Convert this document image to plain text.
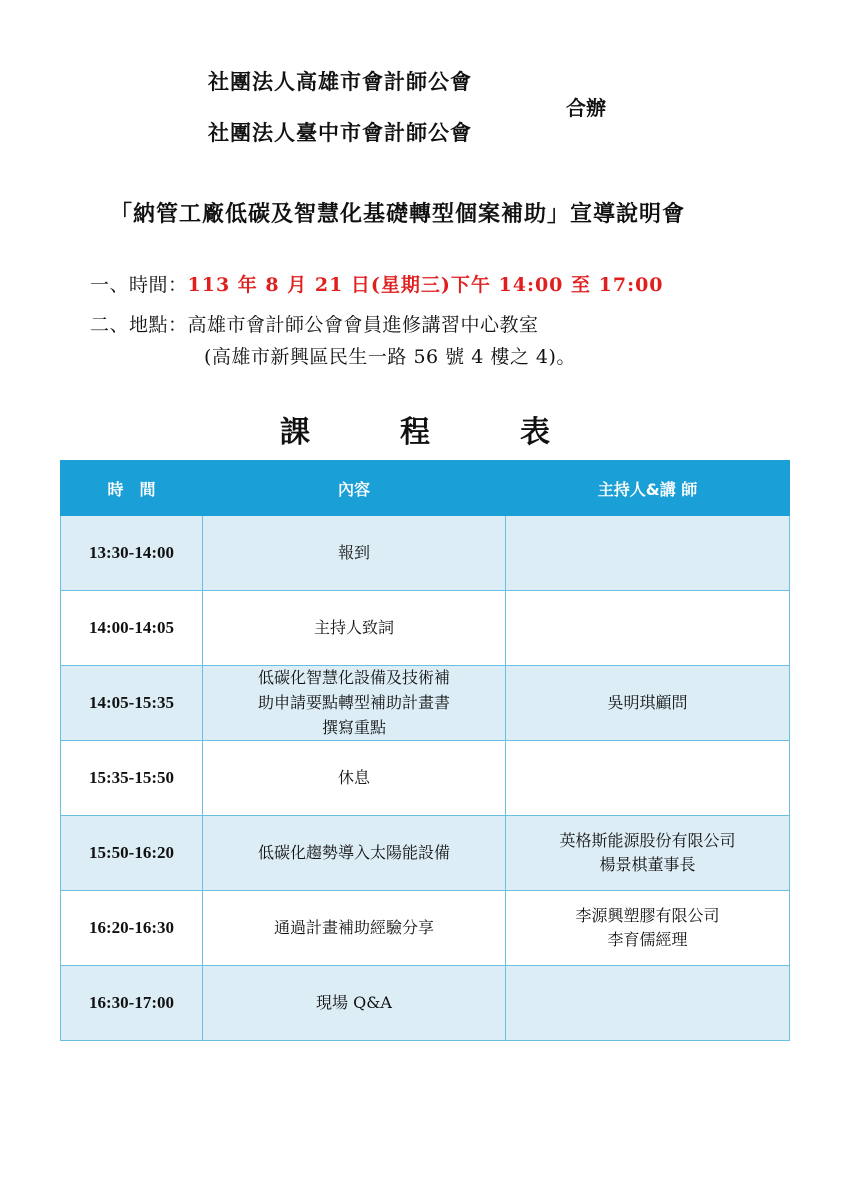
社團法人高雄市會計師公會
社團法人臺中市會計師公會
合辦
「納管工廠低碳及智慧化基礎轉型個案補助」宣導說明會
一、時間：113 年 8 月 21 日(星期三)下午 14:00 至 17:00
二、地點：高雄市會計師公會會員進修講習中心教室
(高雄市新興區民生一路 56 號 4 樓之 4)。
課程表
時　間	內容	主持人&講 師
13:30-14:00	報到	

14:00-14:05	主持人致詞	

14:05-15:35	低碳化智慧化設備及技術補
助申請要點轉型補助計畫書
撰寫重點	吳明琪顧問

15:35-15:50	休息	

15:50-16:20	低碳化趨勢導入太陽能設備	英格斯能源股份有限公司
楊景棋董事長

16:20-16:30	通過計畫補助經驗分享	李源興塑膠有限公司
李育儒經理

16:30-17:00	現場 Q&A	
